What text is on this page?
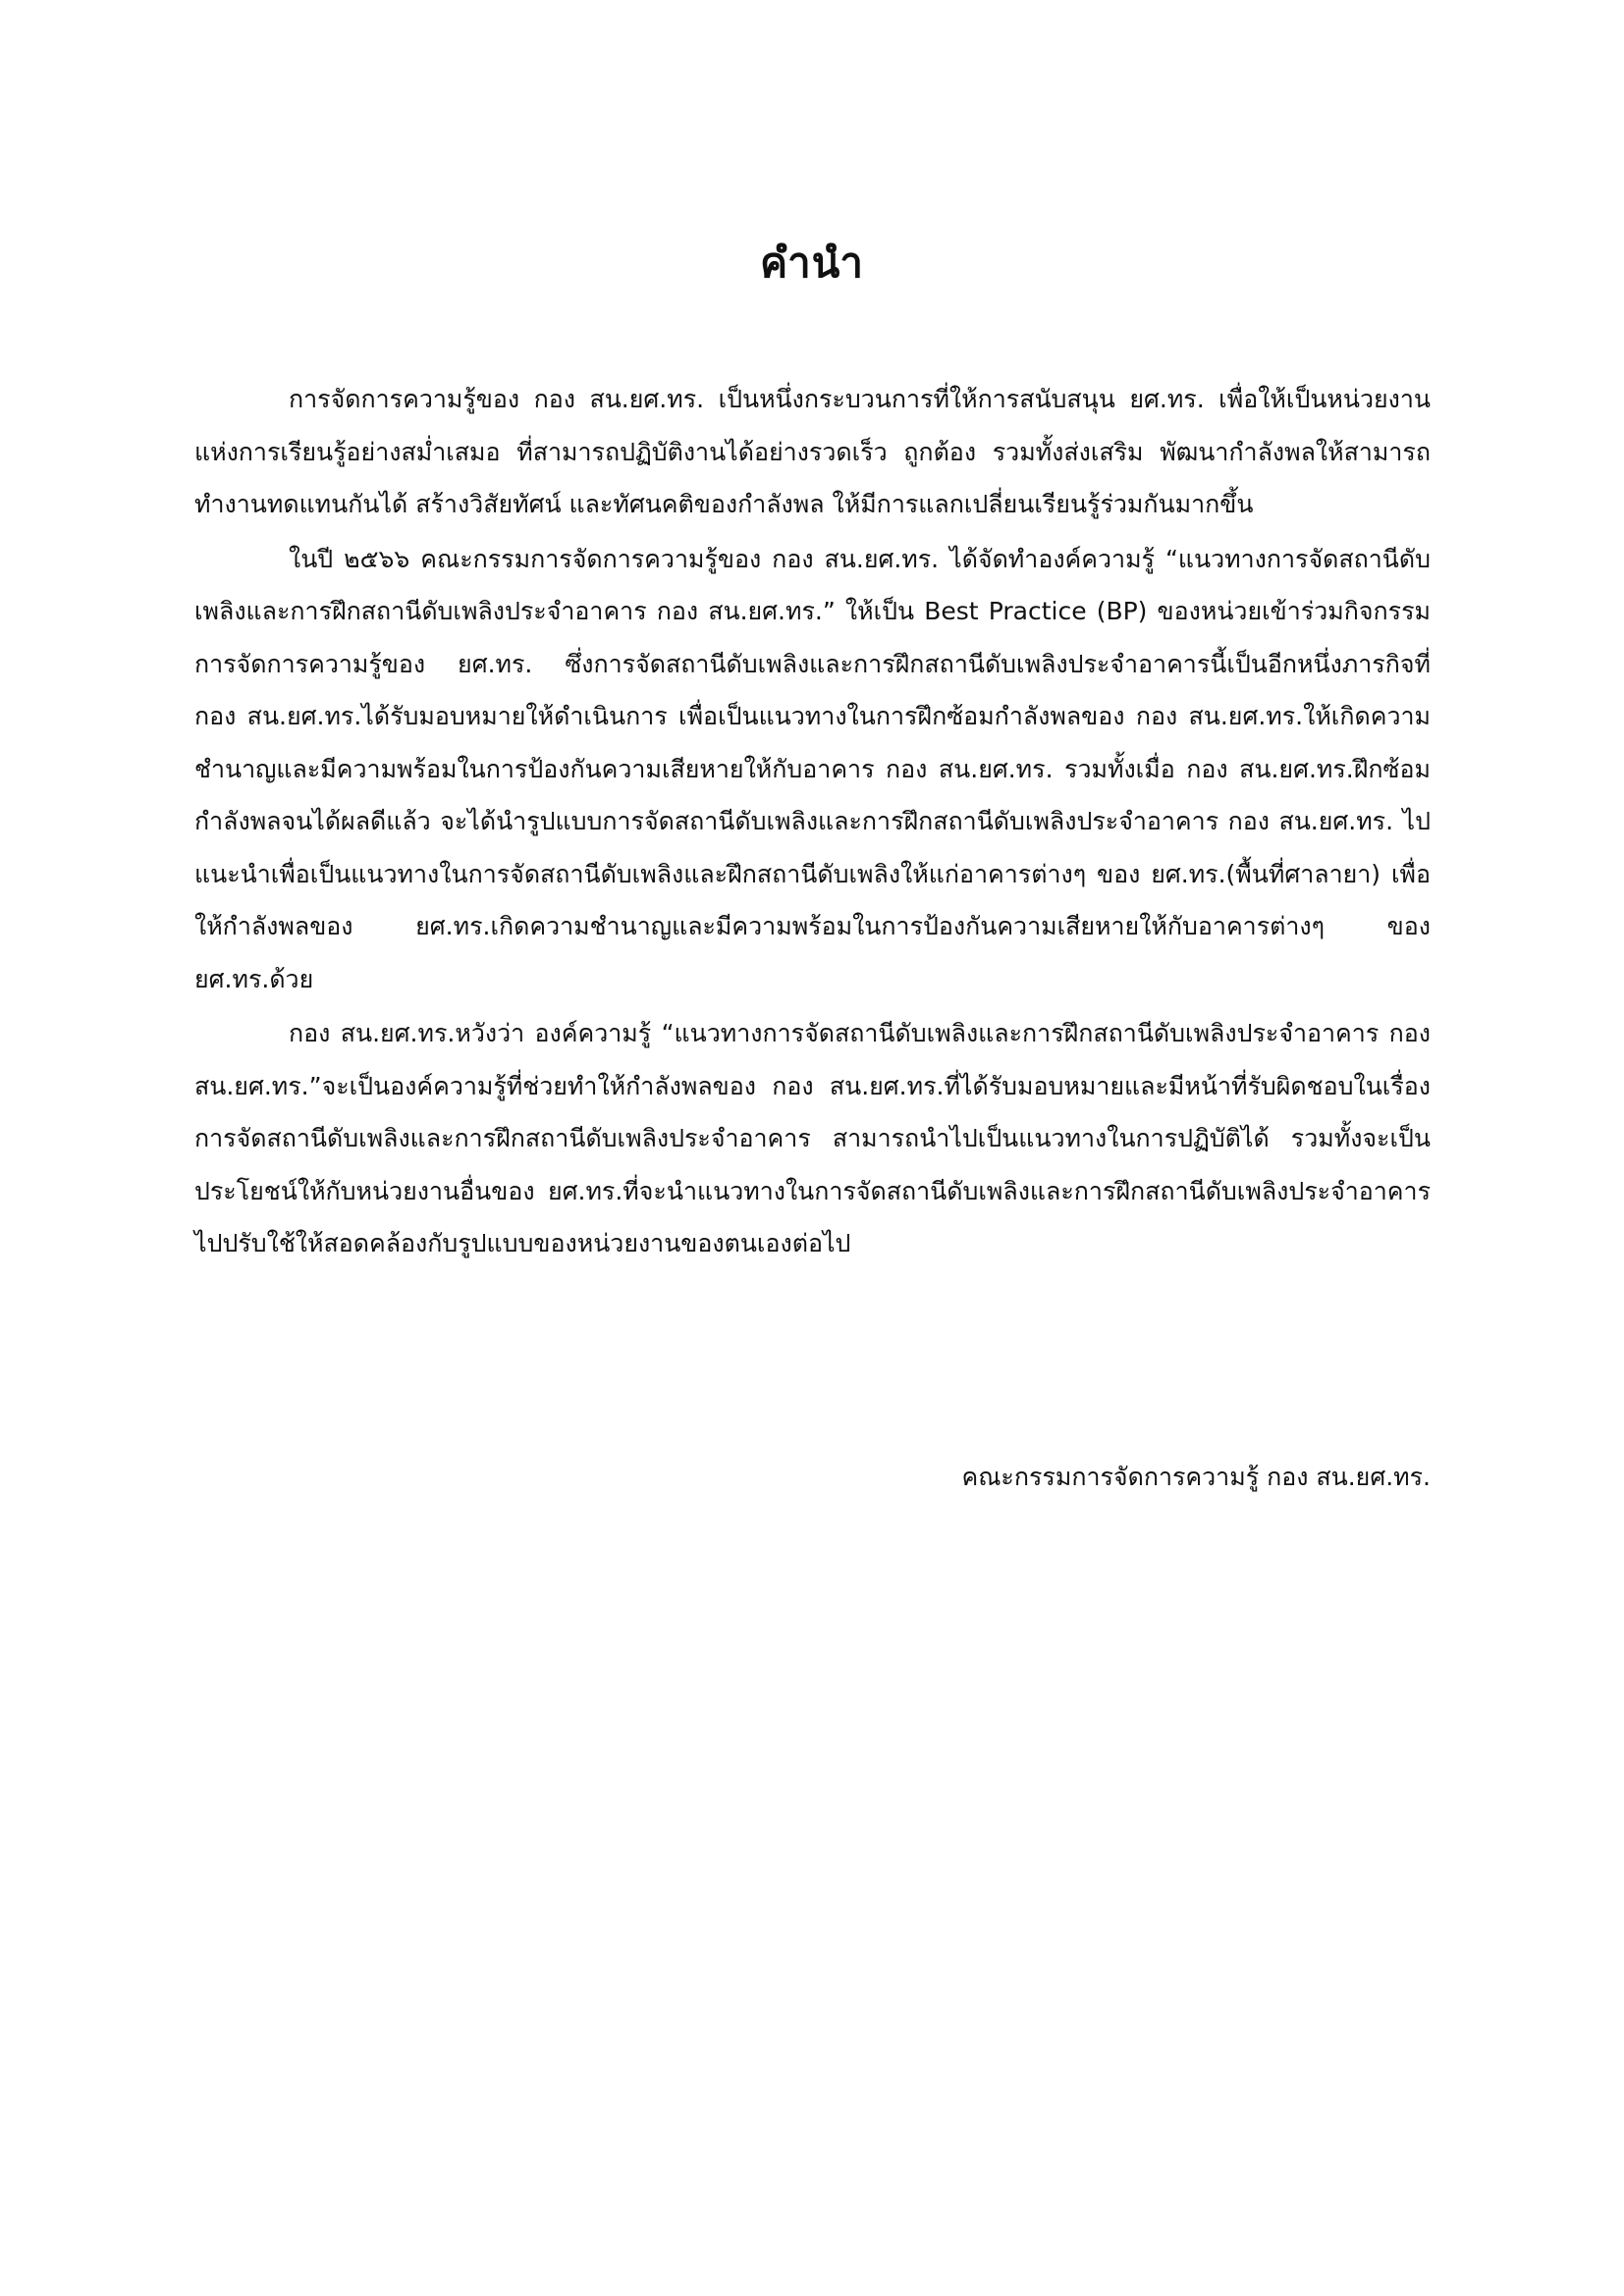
คำนำ

การจัดการความรู้ของ กอง สน.ยศ.ทร. เป็นหนึ่งกระบวนการที่ให้การสนับสนุน ยศ.ทร. เพื่อให้เป็นหน่วยงานแห่งการเรียนรู้อย่างสม่ำเสมอ ที่สามารถปฏิบัติงานได้อย่างรวดเร็ว ถูกต้อง รวมทั้งส่งเสริม พัฒนากำลังพลให้สามารถทำงานทดแทนกันได้ สร้างวิสัยทัศน์ และทัศนคติของกำลังพล ให้มีการแลกเปลี่ยนเรียนรู้ร่วมกันมากขึ้น

ในปี ๒๕๖๖ คณะกรรมการจัดการความรู้ของ กอง สน.ยศ.ทร. ได้จัดทำองค์ความรู้ “แนวทางการจัดสถานีดับเพลิงและการฝึกสถานีดับเพลิงประจำอาคาร กอง สน.ยศ.ทร.” ให้เป็น Best Practice (BP) ของหน่วยเข้าร่วมกิจกรรมการจัดการความรู้ของ ยศ.ทร. ซึ่งการจัดสถานีดับเพลิงและการฝึกสถานีดับเพลิงประจำอาคารนี้เป็นอีกหนึ่งภารกิจที่ กอง สน.ยศ.ทร.ได้รับมอบหมายให้ดำเนินการ เพื่อเป็นแนวทางในการฝึกซ้อมกำลังพลของ กอง สน.ยศ.ทร.ให้เกิดความชำนาญและมีความพร้อมในการป้องกันความเสียหายให้กับอาคาร กอง สน.ยศ.ทร. รวมทั้งเมื่อ กอง สน.ยศ.ทร.ฝึกซ้อมกำลังพลจนได้ผลดีแล้ว จะได้นำรูปแบบการจัดสถานีดับเพลิงและการฝึกสถานีดับเพลิงประจำอาคาร กอง สน.ยศ.ทร. ไปแนะนำเพื่อเป็นแนวทางในการจัดสถานีดับเพลิงและฝึกสถานีดับเพลิงให้แก่อาคารต่างๆ ของ ยศ.ทร.(พื้นที่ศาลายา) เพื่อให้กำลังพลของ ยศ.ทร.เกิดความชำนาญและมีความพร้อมในการป้องกันความเสียหายให้กับอาคารต่างๆ ของ ยศ.ทร.ด้วย

กอง สน.ยศ.ทร.หวังว่า องค์ความรู้ “แนวทางการจัดสถานีดับเพลิงและการฝึกสถานีดับเพลิงประจำอาคาร กอง สน.ยศ.ทร.”จะเป็นองค์ความรู้ที่ช่วยทำให้กำลังพลของ กอง สน.ยศ.ทร.ที่ได้รับมอบหมายและมีหน้าที่รับผิดชอบในเรื่องการจัดสถานีดับเพลิงและการฝึกสถานีดับเพลิงประจำอาคาร สามารถนำไปเป็นแนวทางในการปฏิบัติได้ รวมทั้งจะเป็นประโยชน์ให้กับหน่วยงานอื่นของ ยศ.ทร.ที่จะนำแนวทางในการจัดสถานีดับเพลิงและการฝึกสถานีดับเพลิงประจำอาคารไปปรับใช้ให้สอดคล้องกับรูปแบบของหน่วยงานของตนเองต่อไป

คณะกรรมการจัดการความรู้ กอง สน.ยศ.ทร.
